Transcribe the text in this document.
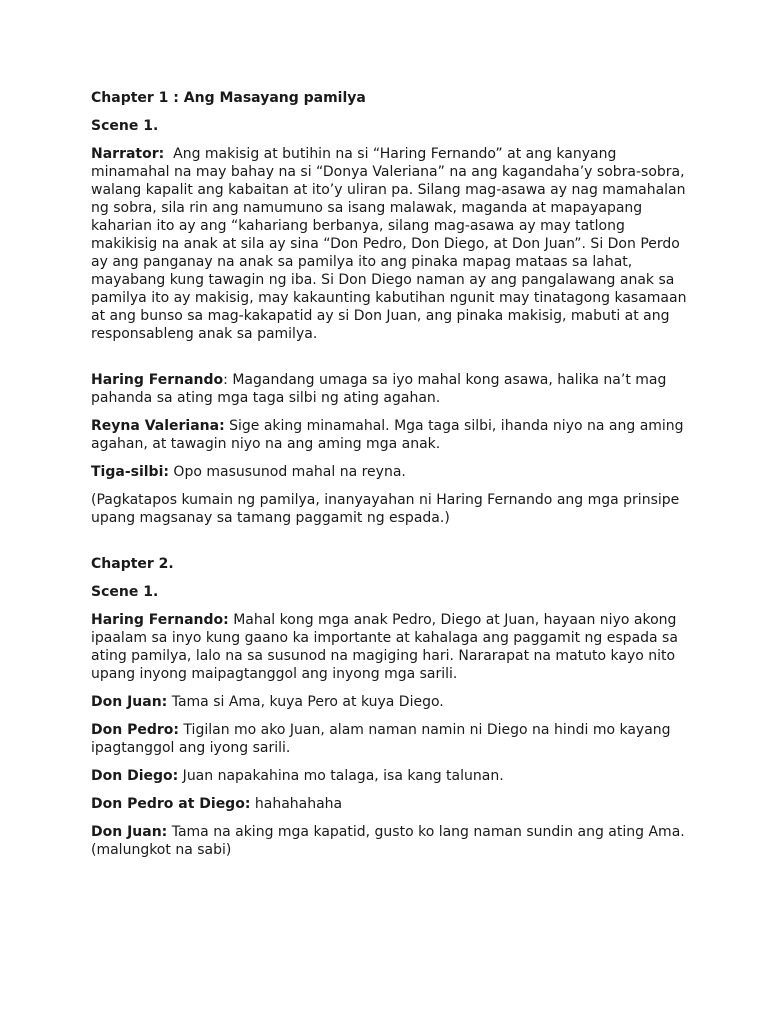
Chapter 1 : Ang Masayang pamilya

Scene 1.

Narrator:  Ang makisig at butihin na si “Haring Fernando” at ang kanyang

minamahal na may bahay na si “Donya Valeriana” na ang kagandaha’y sobra-sobra,

walang kapalit ang kabaitan at ito’y uliran pa. Silang mag-asawa ay nag mamahalan

ng sobra, sila rin ang namumuno sa isang malawak, maganda at mapayapang

kaharian ito ay ang “kahariang berbanya, silang mag-asawa ay may tatlong

makikisig na anak at sila ay sina “Don Pedro, Don Diego, at Don Juan”. Si Don Perdo

ay ang panganay na anak sa pamilya ito ang pinaka mapag mataas sa lahat,

mayabang kung tawagin ng iba. Si Don Diego naman ay ang pangalawang anak sa

pamilya ito ay makisig, may kakaunting kabutihan ngunit may tinatagong kasamaan

at ang bunso sa mag-kakapatid ay si Don Juan, ang pinaka makisig, mabuti at ang

responsableng anak sa pamilya.

Haring Fernando: Magandang umaga sa iyo mahal kong asawa, halika na’t mag

pahanda sa ating mga taga silbi ng ating agahan.

Reyna Valeriana: Sige aking minamahal. Mga taga silbi, ihanda niyo na ang aming

agahan, at tawagin niyo na ang aming mga anak.

Tiga-silbi: Opo masusunod mahal na reyna.

(Pagkatapos kumain ng pamilya, inanyayahan ni Haring Fernando ang mga prinsipe

upang magsanay sa tamang paggamit ng espada.)

Chapter 2.

Scene 1.

Haring Fernando: Mahal kong mga anak Pedro, Diego at Juan, hayaan niyo akong

ipaalam sa inyo kung gaano ka importante at kahalaga ang paggamit ng espada sa

ating pamilya, lalo na sa susunod na magiging hari. Nararapat na matuto kayo nito

upang inyong maipagtanggol ang inyong mga sarili.

Don Juan: Tama si Ama, kuya Pero at kuya Diego.

Don Pedro: Tigilan mo ako Juan, alam naman namin ni Diego na hindi mo kayang

ipagtanggol ang iyong sarili.

Don Diego: Juan napakahina mo talaga, isa kang talunan.

Don Pedro at Diego: hahahahaha

Don Juan: Tama na aking mga kapatid, gusto ko lang naman sundin ang ating Ama.

(malungkot na sabi)
